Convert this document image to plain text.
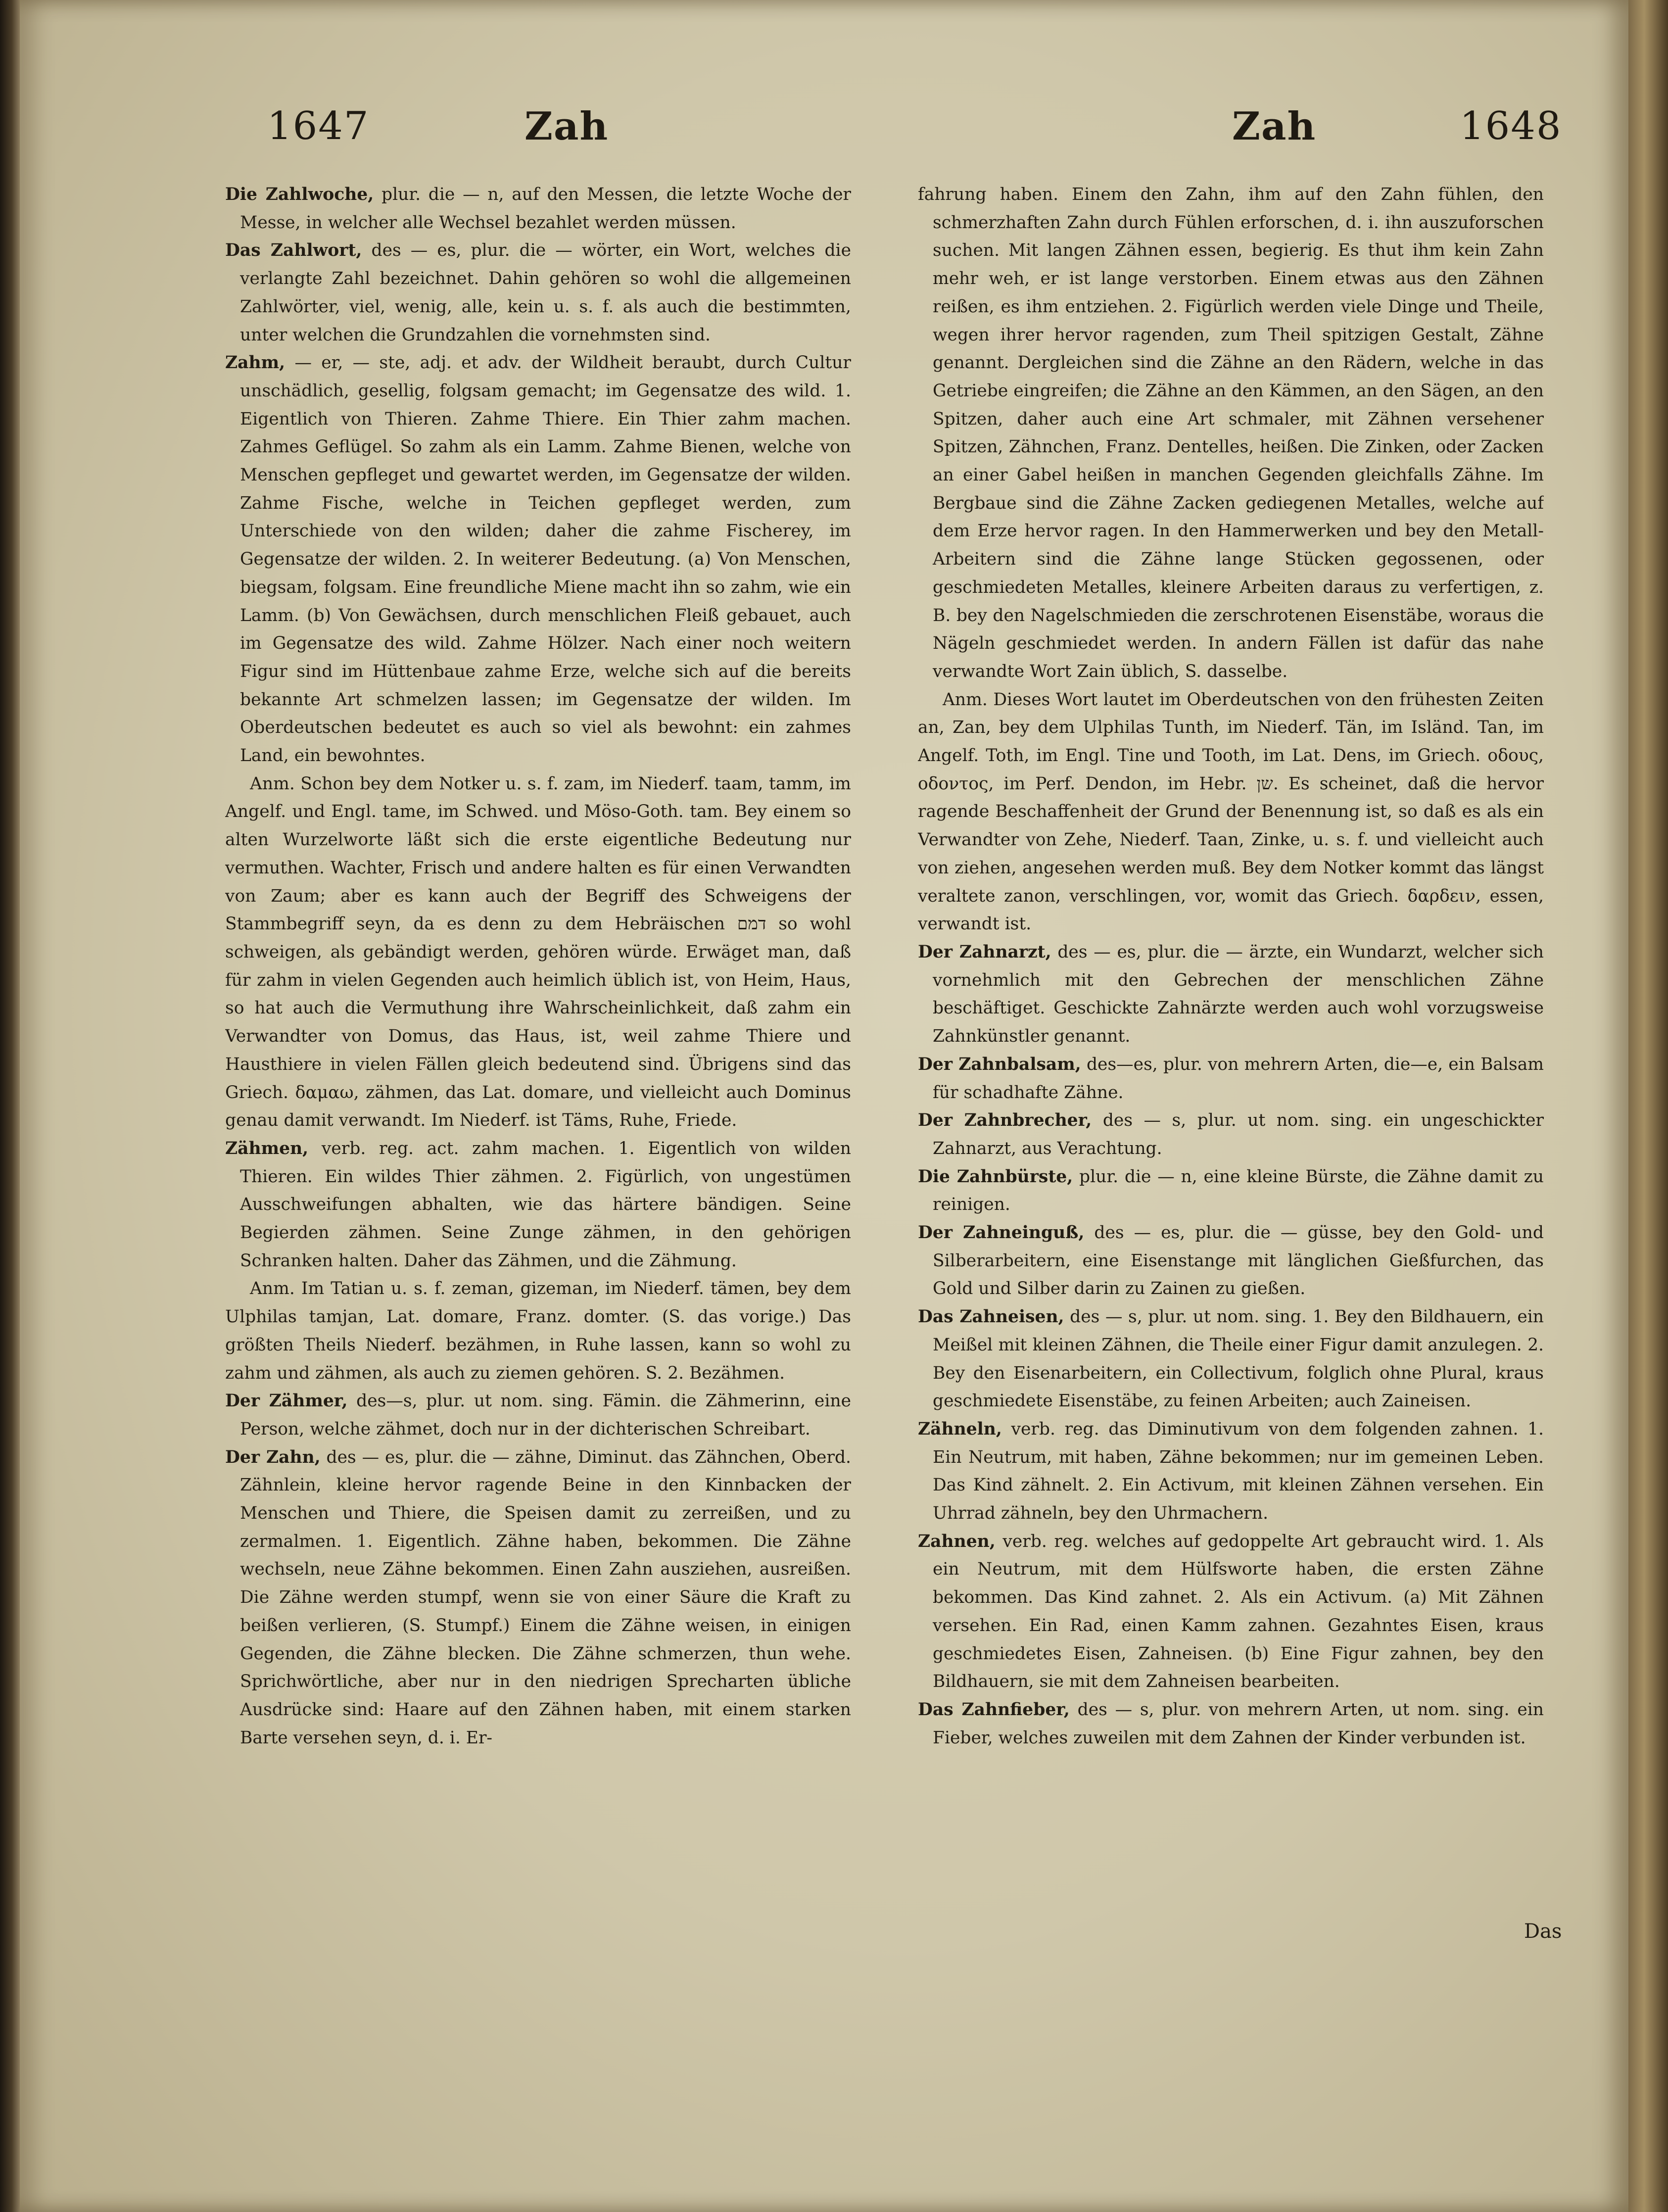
1647	Zah	Zah	1648

Die Zahlwoche, plur. die — n, auf den Messen, die letzte Woche der Messe, in welcher alle Wechsel bezahlet werden müssen.

Das Zahlwort, des — es, plur. die — wörter, ein Wort, welches die verlangte Zahl bezeichnet. Dahin gehören so wohl die allgemeinen Zahlwörter, viel, wenig, alle, kein u. s. f. als auch die bestimmten, unter welchen die Grundzahlen die vornehmsten sind.

Zahm, — er, — ste, adj. et adv. der Wildheit beraubt, durch Cultur unschädlich, gesellig, folgsam gemacht; im Gegensatze des wild. 1. Eigentlich von Thieren. Zahme Thiere. Ein Thier zahm machen. Zahmes Geflügel. So zahm als ein Lamm. Zahme Bienen, welche von Menschen gepfleget und gewartet werden, im Gegensatze der wilden. Zahme Fische, welche in Teichen gepfleget werden, zum Unterschiede von den wilden; daher die zahme Fischerey, im Gegensatze der wilden. 2. In weiterer Bedeutung. (a) Von Menschen, biegsam, folgsam. Eine freundliche Miene macht ihn so zahm, wie ein Lamm. (b) Von Gewächsen, durch menschlichen Fleiß gebauet, auch im Gegensatze des wild. Zahme Hölzer. Nach einer noch weitern Figur sind im Hüttenbaue zahme Erze, welche sich auf die bereits bekannte Art schmelzen lassen; im Gegensatze der wilden. Im Oberdeutschen bedeutet es auch so viel als bewohnt: ein zahmes Land, ein bewohntes.

Anm. Schon bey dem Notker u. s. f. zam, im Niederf. taam, tamm, im Angelf. und Engl. tame, im Schwed. und Möso-Goth. tam. Bey einem so alten Wurzelworte läßt sich die erste eigentliche Bedeutung nur vermuthen. Wachter, Frisch und andere halten es für einen Verwandten von Zaum; aber es kann auch der Begriff des Schweigens der Stammbegriff seyn, da es denn zu dem Hebräischen דמם so wohl schweigen, als gebändigt werden, gehören würde. Erwäget man, daß für zahm in vielen Gegenden auch heimlich üblich ist, von Heim, Haus, so hat auch die Vermuthung ihre Wahrscheinlichkeit, daß zahm ein Verwandter von Domus, das Haus, ist, weil zahme Thiere und Hausthiere in vielen Fällen gleich bedeutend sind. Übrigens sind das Griech. δαμαω, zähmen, das Lat. domare, und vielleicht auch Dominus genau damit verwandt. Im Niederf. ist Täms, Ruhe, Friede.

Zähmen, verb. reg. act. zahm machen. 1. Eigentlich von wilden Thieren. Ein wildes Thier zähmen. 2. Figürlich, von ungestümen Ausschweifungen abhalten, wie das härtere bändigen. Seine Begierden zähmen. Seine Zunge zähmen, in den gehörigen Schranken halten. Daher das Zähmen, und die Zähmung.

Anm. Im Tatian u. s. f. zeman, gizeman, im Niederf. tämen, bey dem Ulphilas tamjan, Lat. domare, Franz. domter. (S. das vorige.) Das größten Theils Niederf. bezähmen, in Ruhe lassen, kann so wohl zu zahm und zähmen, als auch zu ziemen gehören. S. 2. Bezähmen.

Der Zähmer, des—s, plur. ut nom. sing. Fämin. die Zähmerinn, eine Person, welche zähmet, doch nur in der dichterischen Schreibart.

Der Zahn, des — es, plur. die — zähne, Diminut. das Zähnchen, Oberd. Zähnlein, kleine hervor ragende Beine in den Kinnbacken der Menschen und Thiere, die Speisen damit zu zerreißen, und zu zermalmen. 1. Eigentlich. Zähne haben, bekommen. Die Zähne wechseln, neue Zähne bekommen. Einen Zahn ausziehen, ausreißen. Die Zähne werden stumpf, wenn sie von einer Säure die Kraft zu beißen verlieren, (S. Stumpf.) Einem die Zähne weisen, in einigen Gegenden, die Zähne blecken. Die Zähne schmerzen, thun wehe. Sprichwörtliche, aber nur in den niedrigen Sprecharten übliche Ausdrücke sind: Haare auf den Zähnen haben, mit einem starken Barte versehen seyn, d. i. Er-

fahrung haben. Einem den Zahn, ihm auf den Zahn fühlen, den schmerzhaften Zahn durch Fühlen erforschen, d. i. ihn auszuforschen suchen. Mit langen Zähnen essen, begierig. Es thut ihm kein Zahn mehr weh, er ist lange verstorben. Einem etwas aus den Zähnen reißen, es ihm entziehen. 2. Figürlich werden viele Dinge und Theile, wegen ihrer hervor ragenden, zum Theil spitzigen Gestalt, Zähne genannt. Dergleichen sind die Zähne an den Rädern, welche in das Getriebe eingreifen; die Zähne an den Kämmen, an den Sägen, an den Spitzen, daher auch eine Art schmaler, mit Zähnen versehener Spitzen, Zähnchen, Franz. Dentelles, heißen. Die Zinken, oder Zacken an einer Gabel heißen in manchen Gegenden gleichfalls Zähne. Im Bergbaue sind die Zähne Zacken gediegenen Metalles, welche auf dem Erze hervor ragen. In den Hammerwerken und bey den Metall-Arbeitern sind die Zähne lange Stücken gegossenen, oder geschmiedeten Metalles, kleinere Arbeiten daraus zu verfertigen, z. B. bey den Nagelschmieden die zerschrotenen Eisenstäbe, woraus die Nägeln geschmiedet werden. In andern Fällen ist dafür das nahe verwandte Wort Zain üblich, S. dasselbe.

Anm. Dieses Wort lautet im Oberdeutschen von den frühesten Zeiten an, Zan, bey dem Ulphilas Tunth, im Niederf. Tän, im Isländ. Tan, im Angelf. Toth, im Engl. Tine und Tooth, im Lat. Dens, im Griech. οδους, οδοντος, im Perf. Dendon, im Hebr. שן. Es scheinet, daß die hervor ragende Beschaffenheit der Grund der Benennung ist, so daß es als ein Verwandter von Zehe, Niederf. Taan, Zinke, u. s. f. und vielleicht auch von ziehen, angesehen werden muß. Bey dem Notker kommt das längst veraltete zanon, verschlingen, vor, womit das Griech. δαρδειν, essen, verwandt ist.

Der Zahnarzt, des — es, plur. die — ärzte, ein Wundarzt, welcher sich vornehmlich mit den Gebrechen der menschlichen Zähne beschäftiget. Geschickte Zahnärzte werden auch wohl vorzugsweise Zahnkünstler genannt.

Der Zahnbalsam, des—es, plur. von mehrern Arten, die—e, ein Balsam für schadhafte Zähne.

Der Zahnbrecher, des — s, plur. ut nom. sing. ein ungeschickter Zahnarzt, aus Verachtung.

Die Zahnbürste, plur. die — n, eine kleine Bürste, die Zähne damit zu reinigen.

Der Zahneinguß, des — es, plur. die — güsse, bey den Gold- und Silberarbeitern, eine Eisenstange mit länglichen Gießfurchen, das Gold und Silber darin zu Zainen zu gießen.

Das Zahneisen, des — s, plur. ut nom. sing. 1. Bey den Bildhauern, ein Meißel mit kleinen Zähnen, die Theile einer Figur damit anzulegen. 2. Bey den Eisenarbeitern, ein Collectivum, folglich ohne Plural, kraus geschmiedete Eisenstäbe, zu feinen Arbeiten; auch Zaineisen.

Zähneln, verb. reg. das Diminutivum von dem folgenden zahnen. 1. Ein Neutrum, mit haben, Zähne bekommen; nur im gemeinen Leben. Das Kind zähnelt. 2. Ein Activum, mit kleinen Zähnen versehen. Ein Uhrrad zähneln, bey den Uhrmachern.

Zahnen, verb. reg. welches auf gedoppelte Art gebraucht wird. 1. Als ein Neutrum, mit dem Hülfsworte haben, die ersten Zähne bekommen. Das Kind zahnet. 2. Als ein Activum. (a) Mit Zähnen versehen. Ein Rad, einen Kamm zahnen. Gezahntes Eisen, kraus geschmiedetes Eisen, Zahneisen. (b) Eine Figur zahnen, bey den Bildhauern, sie mit dem Zahneisen bearbeiten.

Das Zahnfieber, des — s, plur. von mehrern Arten, ut nom. sing. ein Fieber, welches zuweilen mit dem Zahnen der Kinder verbunden ist.

Das
